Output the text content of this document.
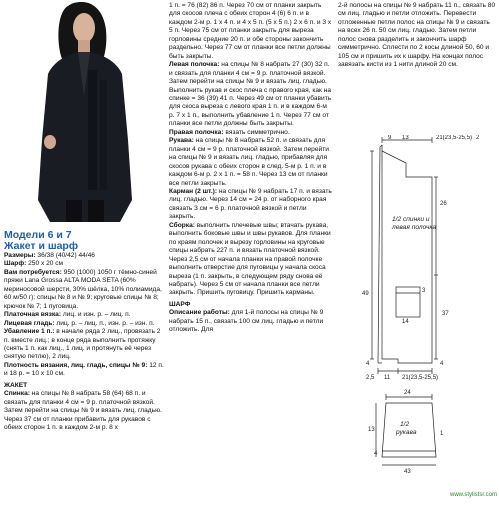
Модели 6 и 7
Жакет и шарф

Размеры: 36/38 (40/42) 44/46

Шарф: 250 х 20 см

Вам потребуется: 950 (1000) 1050 г тёмно-синей пряжи Lana Grossa ALTA MODA SETA (60% мериносовой шерсти, 30% шёлка, 10% полиамида, 60 м/50 г); спицы № 8 и № 9; круговые спицы № 8; крючок № 7; 1 пуговица.

Платочная вязка: лиц. и изн. р. – лиц. п.

Лицевая гладь: лиц. р. – лиц. п., изн. р. – изн. п.

Убавление 1 п.: в начале ряда 2 лиц., провязать 2 п. вместе лиц.; в конце ряда выполнить протяжку (снять 1 п. как лиц., 1 лиц. и протянуть её через снятую петлю), 2 лиц.

Плотность вязания, лиц. гладь, спицы № 9: 12 п. и 18 р. = 10 х 10 см.

ЖАКЕТ

Спинка: на спицы № 8 набрать 58 (64) 68 п. и связать для планки 4 см = 9 р. платочной вязкой. Затем перейти на спицы № 9 и вязать лиц. гладью. Через 37 см от планки прибавить для рукавов с обеих сторон 1 п. в каждом 2-м р. 8 х

1 п. = 76 (82) 86 п. Через 70 см от планки закрыть для скосов плеча с обеих сторон 4 (6) 6 п. и в каждом 2-м р. 1 х 4 п. и 4 х 5 п. (5 х 5 п.) 2 х 6 п. и 3 х 5 п. Через 75 см от планки закрыть для выреза горловины средние 20 п. и обе стороны закончить раздельно. Через 77 см от планки все петли должны быть закрыты.

Левая полочка: на спицы № 8 набрать 27 (30) 32 п. и связать для планки 4 см = 9 р. платочной вязкой. Затем перейти на спицы № 9 и вязать лиц. гладью. Выполнить рукав и скос плеча с правого края, как на спинке = 36 (39) 41 п. Через 49 см от планки убавить для скоса выреза с левого края 1 п. и в каждом 6-м р. 7 х 1 п., выполнить убавление 1 п. Через 77 см от планки все петли должны быть закрыты.

Правая полочка: вязать симметрично.

Рукава: на спицы № 8 набрать 52 п. и связать для планки 4 см = 9 р. платочной вязкой. Затем перейти на спицы № 9 и вязать лиц. гладью, прибавляя для скосов рукава с обеих сторон в след. 5-м р. 1 п. и в каждом 6-м р. 2 х 1 п. = 58 п. Через 13 см от планки все петли закрыть.

Карман (2 шт.): на спицы № 9 набрать 17 п. и вязать лиц. гладью. Через 14 см = 24 р. от наборного края связать 3 см = 6 р. платочной вязкой и петли закрыть.

Сборка: выполнить плечевые швы; втачать рукава, выполнить боковые швы и швы рукавов. Для планки по краям полочек и вырезу горловины на круговые спицы набрать 227 п. и вязать платочной вязкой. Через 2,5 см от начала планки на правой полочке выполнить отверстие для пуговицы у начала скоса выреза (1 п. закрыть, в следующем ряду снова её набрать). Через 5 см от начала планки все петли закрыть. Пришить пуговицу. Пришить карманы.

ШАРФ

Описание работы: для 1-й полосы на спицы № 9 набрать 15 п., связать 100 см лиц. гладью и петли отложить. Для

2-й полосы на спицы № 9 набрать 11 п., связать 80 см лиц. гладью и петли отложить. Перевести отложенные петли полос на спицы № 9 и связать на всех 26 п. 50 см лиц. гладью. Затем петли полос снова разделить и закончить шарф симметрично. Сплести по 2 косы длиной 50, 60 и 105 см и пришить их к шарфу. На концах полос завязать кисти из 1 нити длиной 20 см.

9 13	21(23,5-25,5) 2
26
37
4
49
4
2,5 11 21(23,5-25,5)
14
3
1/2 спинки и
левая полочка
24
13
1
43
1/2
рукава
4
www.stylistsr.com
